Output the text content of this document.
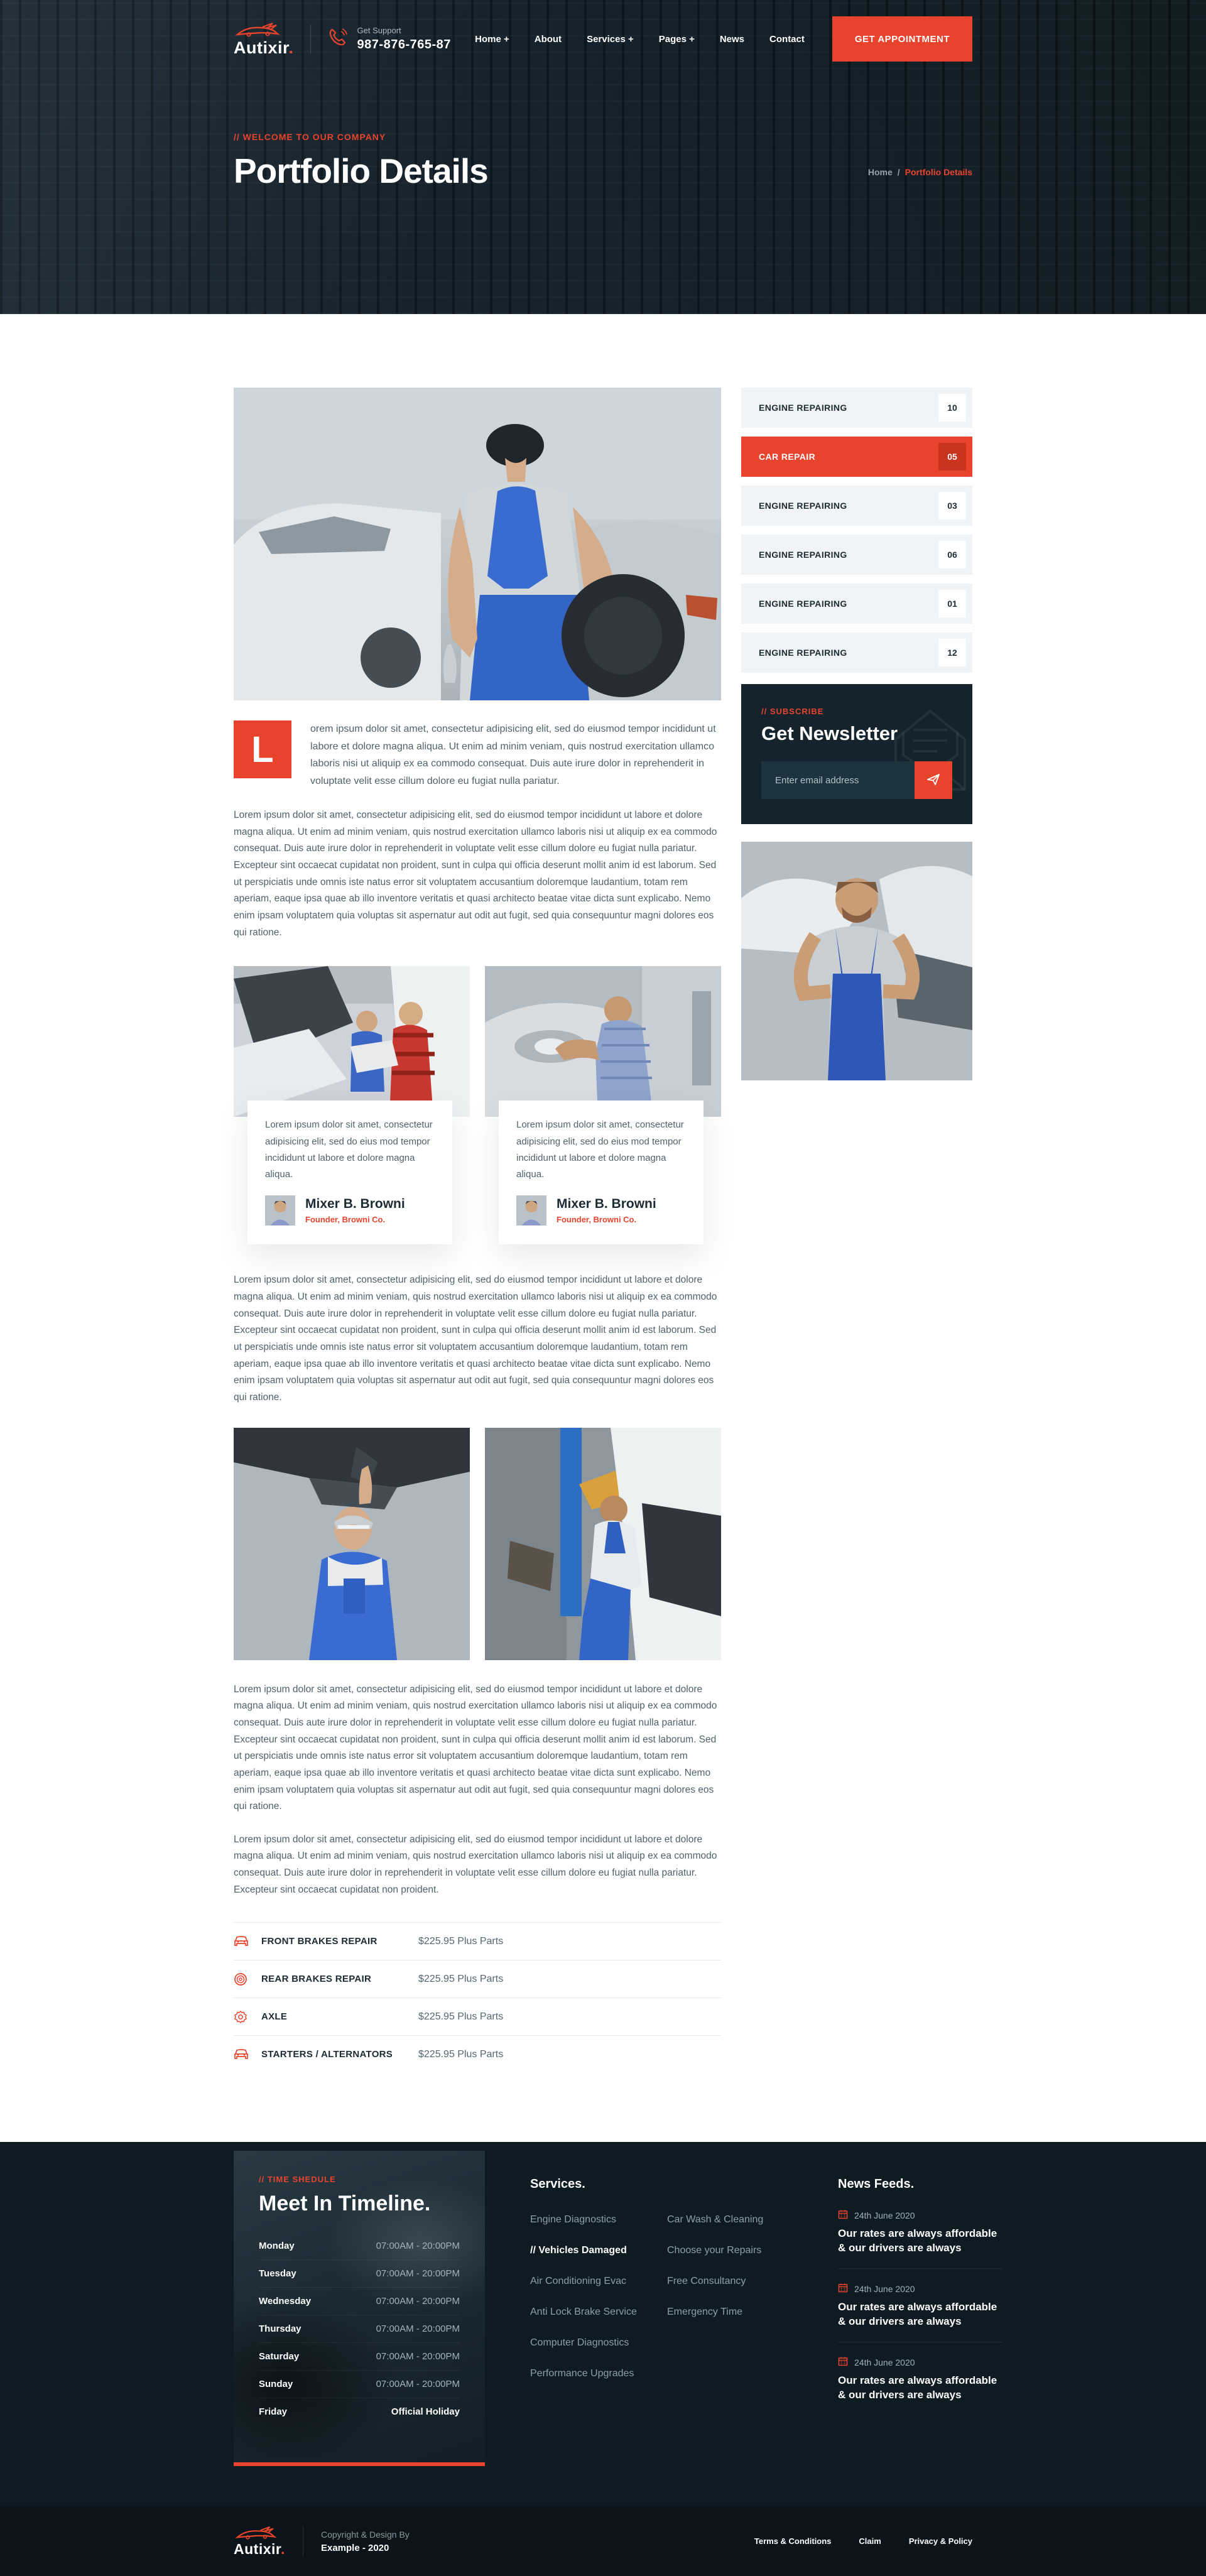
Autixir.
Get Support
987-876-765-87	Home +	About	Services +	Pages +	News	Contact	GET APPOINTMENT
// WELCOME TO OUR COMPANY
Portfolio Details	Home / Portfolio Details
L	orem ipsum dolor sit amet, consectetur adipisicing elit, sed do eiusmod tempor incididunt ut labore et dolore magna aliqua. Ut enim ad minim veniam, quis nostrud exercitation ullamco laboris nisi ut aliquip ex ea commodo consequat. Duis aute irure dolor in reprehenderit in voluptate velit esse cillum dolore eu fugiat nulla pariatur.

Lorem ipsum dolor sit amet, consectetur adipisicing elit, sed do eiusmod tempor incididunt ut labore et dolore magna aliqua. Ut enim ad minim veniam, quis nostrud exercitation ullamco laboris nisi ut aliquip ex ea commodo consequat. Duis aute irure dolor in reprehenderit in voluptate velit esse cillum dolore eu fugiat nulla pariatur. Excepteur sint occaecat cupidatat non proident, sunt in culpa qui officia deserunt mollit anim id est laborum. Sed ut perspiciatis unde omnis iste natus error sit voluptatem accusantium doloremque laudantium, totam rem aperiam, eaque ipsa quae ab illo inventore veritatis et quasi architecto beatae vitae dicta sunt explicabo. Nemo enim ipsam voluptatem quia voluptas sit aspernatur aut odit aut fugit, sed quia consequuntur magni dolores eos qui ratione.

Lorem ipsum dolor sit amet, consectetur adipisicing elit, sed do eius mod tempor incididunt ut labore et dolore magna aliqua.

Mixer B. Browni
Founder, Browni Co.

Lorem ipsum dolor sit amet, consectetur adipisicing elit, sed do eius mod tempor incididunt ut labore et dolore magna aliqua.

Mixer B. Browni
Founder, Browni Co.

Lorem ipsum dolor sit amet, consectetur adipisicing elit, sed do eiusmod tempor incididunt ut labore et dolore magna aliqua. Ut enim ad minim veniam, quis nostrud exercitation ullamco laboris nisi ut aliquip ex ea commodo consequat. Duis aute irure dolor in reprehenderit in voluptate velit esse cillum dolore eu fugiat nulla pariatur. Excepteur sint occaecat cupidatat non proident, sunt in culpa qui officia deserunt mollit anim id est laborum. Sed ut perspiciatis unde omnis iste natus error sit voluptatem accusantium doloremque laudantium, totam rem aperiam, eaque ipsa quae ab illo inventore veritatis et quasi architecto beatae vitae dicta sunt explicabo. Nemo enim ipsam voluptatem quia voluptas sit aspernatur aut odit aut fugit, sed quia consequuntur magni dolores eos qui ratione.

Lorem ipsum dolor sit amet, consectetur adipisicing elit, sed do eiusmod tempor incididunt ut labore et dolore magna aliqua. Ut enim ad minim veniam, quis nostrud exercitation ullamco laboris nisi ut aliquip ex ea commodo consequat. Duis aute irure dolor in reprehenderit in voluptate velit esse cillum dolore eu fugiat nulla pariatur. Excepteur sint occaecat cupidatat non proident, sunt in culpa qui officia deserunt mollit anim id est laborum. Sed ut perspiciatis unde omnis iste natus error sit voluptatem accusantium doloremque laudantium, totam rem aperiam, eaque ipsa quae ab illo inventore veritatis et quasi architecto beatae vitae dicta sunt explicabo. Nemo enim ipsam voluptatem quia voluptas sit aspernatur aut odit aut fugit, sed quia consequuntur magni dolores eos qui ratione.

Lorem ipsum dolor sit amet, consectetur adipisicing elit, sed do eiusmod tempor incididunt ut labore et dolore magna aliqua. Ut enim ad minim veniam, quis nostrud exercitation ullamco laboris nisi ut aliquip ex ea commodo consequat. Duis aute irure dolor in reprehenderit in voluptate velit esse cillum dolore eu fugiat nulla pariatur. Excepteur sint occaecat cupidatat non proident.

FRONT BRAKES REPAIR	$225.95 Plus Parts
REAR BRAKES REPAIR	$225.95 Plus Parts
AXLE	$225.95 Plus Parts
STARTERS / ALTERNATORS	$225.95 Plus Parts
ENGINE REPAIRING	10
CAR REPAIR	05
ENGINE REPAIRING	03
ENGINE REPAIRING	06
ENGINE REPAIRING	01
ENGINE REPAIRING	12
// SUBSCRIBE
Get Newsletter
Enter email address
// TIME SHEDULE
Meet In Timeline.
Monday	07:00AM - 20:00PM
Tuesday	07:00AM - 20:00PM
Wednesday	07:00AM - 20:00PM
Thursday	07:00AM - 20:00PM
Saturday	07:00AM - 20:00PM
Sunday	07:00AM - 20:00PM
Friday	Official Holiday
Services.
Engine Diagnostics
// Vehicles Damaged
Air Conditioning Evac
Anti Lock Brake Service
Computer Diagnostics
Performance Upgrades
Car Wash & Cleaning
Choose your Repairs
Free Consultancy
Emergency Time
News Feeds.
24th June 2020
Our rates are always affordable & our drivers are always
24th June 2020
Our rates are always affordable & our drivers are always
24th June 2020
Our rates are always affordable & our drivers are always
Autixir.
Copyright & Design By
Example - 2020
Terms & Conditions	Claim	Privacy & Policy
